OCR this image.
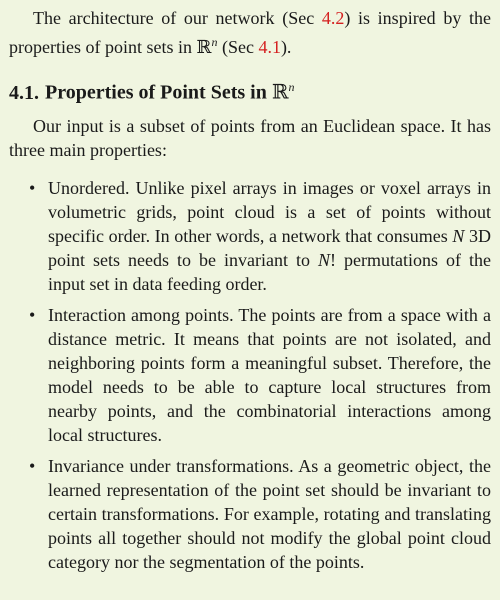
The architecture of our network (Sec 4.2) is inspired by the properties of point sets in ℝ$^n$ (Sec 4.1).

4.1. Properties of Point Sets in ℝ$^n$

Our input is a subset of points from an Euclidean space. It has three main properties:

• Unordered. Unlike pixel arrays in images or voxel arrays in volumetric grids, point cloud is a set of points without specific order. In other words, a network that consumes N 3D point sets needs to be invariant to N! permutations of the input set in data feeding order.
• Interaction among points. The points are from a space with a distance metric. It means that points are not isolated, and neighboring points form a meaningful subset. Therefore, the model needs to be able to capture local structures from nearby points, and the combinatorial interactions among local structures.
• Invariance under transformations. As a geometric object, the learned representation of the point set should be invariant to certain transformations. For example, rotating and translating points all together should not modify the global point cloud category nor the segmentation of the points.
